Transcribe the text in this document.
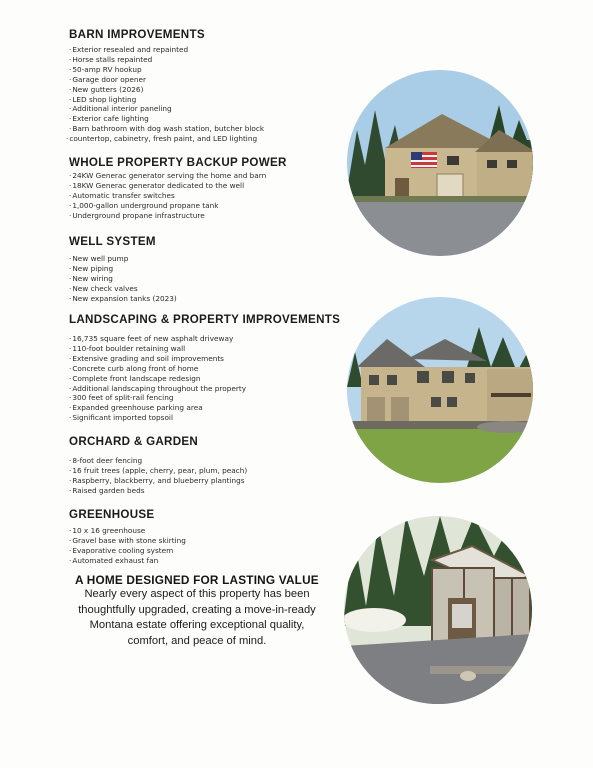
BARN IMPROVEMENTS
· Exterior resealed and repainted
· Horse stalls repainted
· 50-amp RV hookup
· Garage door opener
· New gutters (2026)
· LED shop lighting
· Additional interior paneling
· Exterior cafe lighting
· Barn bathroom with dog wash station, butcher block
· countertop, cabinetry, fresh paint, and LED lighting
WHOLE PROPERTY BACKUP POWER
· 24KW Generac generator serving the home and barn
· 18KW Generac generator dedicated to the well
· Automatic transfer switches
· 1,000-gallon underground propane tank
· Underground propane infrastructure
WELL SYSTEM
· New well pump
· New piping
· New wiring
· New check valves
· New expansion tanks (2023)
LANDSCAPING & PROPERTY IMPROVEMENTS
· 16,735 square feet of new asphalt driveway
· 110-foot boulder retaining wall
· Extensive grading and soil improvements
· Concrete curb along front of home
· Complete front landscape redesign
· Additional landscaping throughout the property
· 300 feet of split-rail fencing
· Expanded greenhouse parking area
· Significant imported topsoil
ORCHARD & GARDEN
· 8-foot deer fencing
· 16 fruit trees (apple, cherry, pear, plum, peach)
· Raspberry, blackberry, and blueberry plantings
· Raised garden beds
GREENHOUSE
· 10 x 16 greenhouse
· Gravel base with stone skirting
· Evaporative cooling system
· Automated exhaust fan
A HOME DESIGNED FOR LASTING VALUE
Nearly every aspect of this property has been
thoughtfully upgraded, creating a move-in-ready
Montana estate offering exceptional quality,
comfort, and peace of mind.
